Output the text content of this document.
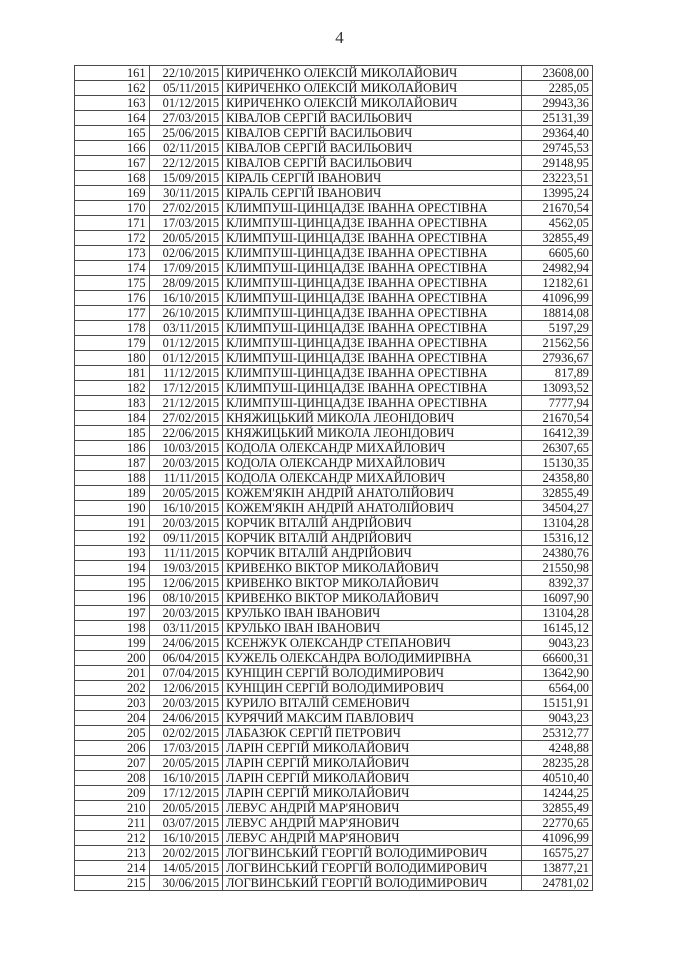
4
161	22/10/2015	КИРИЧЕНКО ОЛЕКСІЙ МИКОЛАЙОВИЧ	23608,00
162	05/11/2015	КИРИЧЕНКО ОЛЕКСІЙ МИКОЛАЙОВИЧ	2285,05
163	01/12/2015	КИРИЧЕНКО ОЛЕКСІЙ МИКОЛАЙОВИЧ	29943,36
164	27/03/2015	КІВАЛОВ СЕРГІЙ ВАСИЛЬОВИЧ	25131,39
165	25/06/2015	КІВАЛОВ СЕРГІЙ ВАСИЛЬОВИЧ	29364,40
166	02/11/2015	КІВАЛОВ СЕРГІЙ ВАСИЛЬОВИЧ	29745,53
167	22/12/2015	КІВАЛОВ СЕРГІЙ ВАСИЛЬОВИЧ	29148,95
168	15/09/2015	КІРАЛЬ СЕРГІЙ ІВАНОВИЧ	23223,51
169	30/11/2015	КІРАЛЬ СЕРГІЙ ІВАНОВИЧ	13995,24
170	27/02/2015	КЛИМПУШ-ЦИНЦАДЗЕ ІВАННА ОРЕСТІВНА	21670,54
171	17/03/2015	КЛИМПУШ-ЦИНЦАДЗЕ ІВАННА ОРЕСТІВНА	4562,05
172	20/05/2015	КЛИМПУШ-ЦИНЦАДЗЕ ІВАННА ОРЕСТІВНА	32855,49
173	02/06/2015	КЛИМПУШ-ЦИНЦАДЗЕ ІВАННА ОРЕСТІВНА	6605,60
174	17/09/2015	КЛИМПУШ-ЦИНЦАДЗЕ ІВАННА ОРЕСТІВНА	24982,94
175	28/09/2015	КЛИМПУШ-ЦИНЦАДЗЕ ІВАННА ОРЕСТІВНА	12182,61
176	16/10/2015	КЛИМПУШ-ЦИНЦАДЗЕ ІВАННА ОРЕСТІВНА	41096,99
177	26/10/2015	КЛИМПУШ-ЦИНЦАДЗЕ ІВАННА ОРЕСТІВНА	18814,08
178	03/11/2015	КЛИМПУШ-ЦИНЦАДЗЕ ІВАННА ОРЕСТІВНА	5197,29
179	01/12/2015	КЛИМПУШ-ЦИНЦАДЗЕ ІВАННА ОРЕСТІВНА	21562,56
180	01/12/2015	КЛИМПУШ-ЦИНЦАДЗЕ ІВАННА ОРЕСТІВНА	27936,67
181	11/12/2015	КЛИМПУШ-ЦИНЦАДЗЕ ІВАННА ОРЕСТІВНА	817,89
182	17/12/2015	КЛИМПУШ-ЦИНЦАДЗЕ ІВАННА ОРЕСТІВНА	13093,52
183	21/12/2015	КЛИМПУШ-ЦИНЦАДЗЕ ІВАННА ОРЕСТІВНА	7777,94
184	27/02/2015	КНЯЖИЦЬКИЙ МИКОЛА ЛЕОНІДОВИЧ	21670,54
185	22/06/2015	КНЯЖИЦЬКИЙ МИКОЛА ЛЕОНІДОВИЧ	16412,39
186	10/03/2015	КОДОЛА ОЛЕКСАНДР МИХАЙЛОВИЧ	26307,65
187	20/03/2015	КОДОЛА ОЛЕКСАНДР МИХАЙЛОВИЧ	15130,35
188	11/11/2015	КОДОЛА ОЛЕКСАНДР МИХАЙЛОВИЧ	24358,80
189	20/05/2015	КОЖЕМ'ЯКІН АНДРІЙ АНАТОЛІЙОВИЧ	32855,49
190	16/10/2015	КОЖЕМ'ЯКІН АНДРІЙ АНАТОЛІЙОВИЧ	34504,27
191	20/03/2015	КОРЧИК ВІТАЛІЙ АНДРІЙОВИЧ	13104,28
192	09/11/2015	КОРЧИК ВІТАЛІЙ АНДРІЙОВИЧ	15316,12
193	11/11/2015	КОРЧИК ВІТАЛІЙ АНДРІЙОВИЧ	24380,76
194	19/03/2015	КРИВЕНКО ВІКТОР МИКОЛАЙОВИЧ	21550,98
195	12/06/2015	КРИВЕНКО ВІКТОР МИКОЛАЙОВИЧ	8392,37
196	08/10/2015	КРИВЕНКО ВІКТОР МИКОЛАЙОВИЧ	16097,90
197	20/03/2015	КРУЛЬКО ІВАН ІВАНОВИЧ	13104,28
198	03/11/2015	КРУЛЬКО ІВАН ІВАНОВИЧ	16145,12
199	24/06/2015	КСЕНЖУК ОЛЕКСАНДР СТЕПАНОВИЧ	9043,23
200	06/04/2015	КУЖЕЛЬ ОЛЕКСАНДРА ВОЛОДИМИРІВНА	66600,31
201	07/04/2015	КУНІЦИН СЕРГІЙ ВОЛОДИМИРОВИЧ	13642,90
202	12/06/2015	КУНІЦИН СЕРГІЙ ВОЛОДИМИРОВИЧ	6564,00
203	20/03/2015	КУРИЛО ВІТАЛІЙ СЕМЕНОВИЧ	15151,91
204	24/06/2015	КУРЯЧИЙ МАКСИМ ПАВЛОВИЧ	9043,23
205	02/02/2015	ЛАБАЗЮК СЕРГІЙ ПЕТРОВИЧ	25312,77
206	17/03/2015	ЛАРІН СЕРГІЙ МИКОЛАЙОВИЧ	4248,88
207	20/05/2015	ЛАРІН СЕРГІЙ МИКОЛАЙОВИЧ	28235,28
208	16/10/2015	ЛАРІН СЕРГІЙ МИКОЛАЙОВИЧ	40510,40
209	17/12/2015	ЛАРІН СЕРГІЙ МИКОЛАЙОВИЧ	14244,25
210	20/05/2015	ЛЕВУС АНДРІЙ МАР'ЯНОВИЧ	32855,49
211	03/07/2015	ЛЕВУС АНДРІЙ МАР'ЯНОВИЧ	22770,65
212	16/10/2015	ЛЕВУС АНДРІЙ МАР'ЯНОВИЧ	41096,99
213	20/02/2015	ЛОГВИНСЬКИЙ ГЕОРГІЙ ВОЛОДИМИРОВИЧ	16575,27
214	14/05/2015	ЛОГВИНСЬКИЙ ГЕОРГІЙ ВОЛОДИМИРОВИЧ	13877,21
215	30/06/2015	ЛОГВИНСЬКИЙ ГЕОРГІЙ ВОЛОДИМИРОВИЧ	24781,02
